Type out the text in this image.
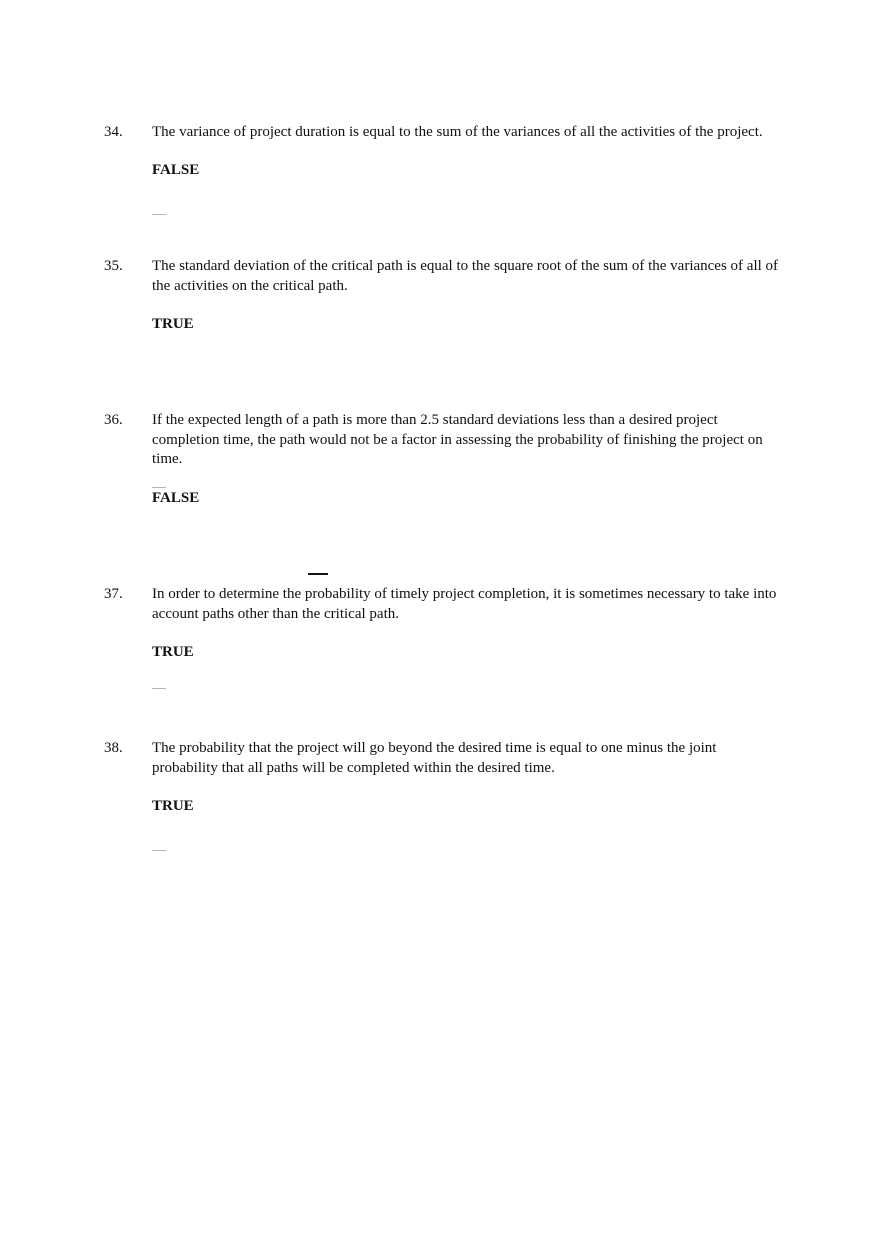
34. The variance of project duration is equal to the sum of the variances of all the activities of the project.
FALSE
35. The standard deviation of the critical path is equal to the square root of the sum of the variances of all of the activities on the critical path.
TRUE
36. If the expected length of a path is more than 2.5 standard deviations less than a desired project completion time, the path would not be a factor in assessing the probability of finishing the project on time.
FALSE
37. In order to determine the probability of timely project completion, it is sometimes necessary to take into account paths other than the critical path.
TRUE
38. The probability that the project will go beyond the desired time is equal to one minus the joint probability that all paths will be completed within the desired time.
TRUE
